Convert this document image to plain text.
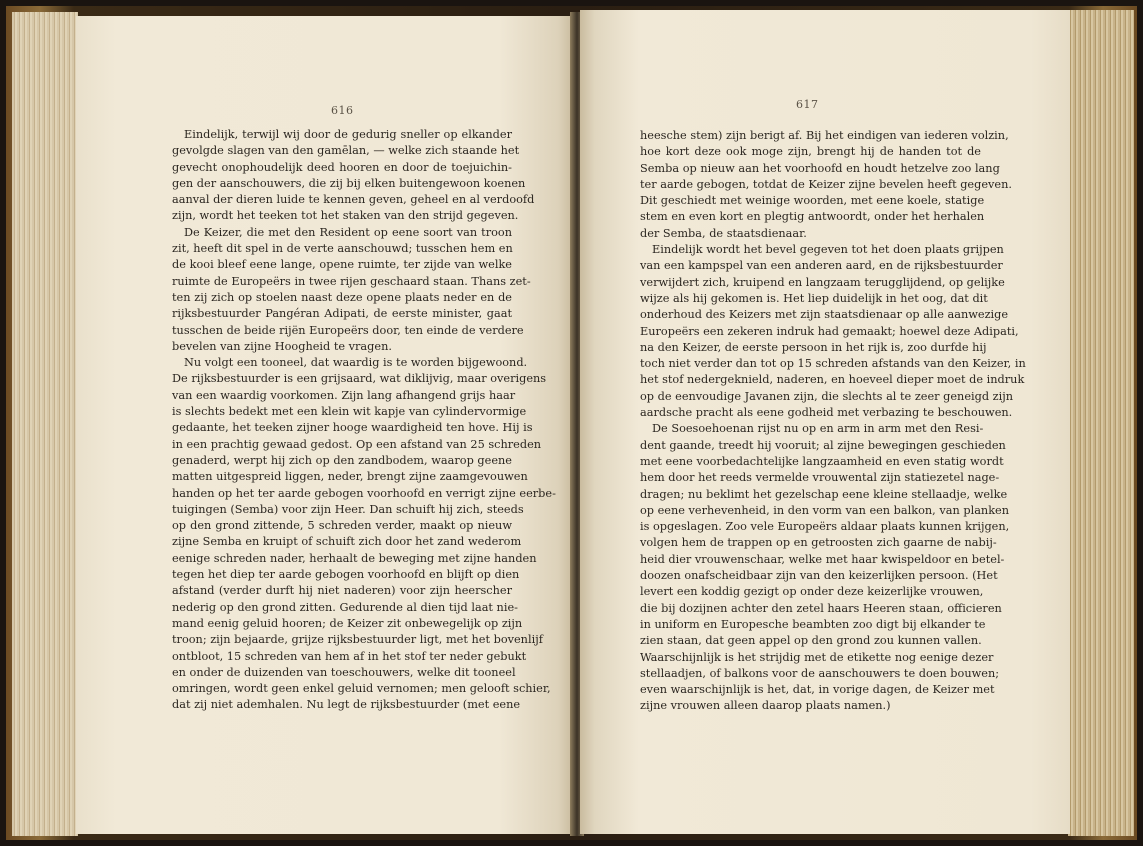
616
Eindelijk, terwijl wij door de gedurig sneller op elkander
gevolgde slagen van den gamēlan, — welke zich staande het
gevecht onophoudelijk deed hooren en door de toejuichin-
gen der aanschouwers, die zij bij elken buitengewoon koenen
aanval der dieren luide te kennen geven, geheel en al verdoofd
zijn, wordt het teeken tot het staken van den strijd gegeven.
De Keizer, die met den Resident op eene soort van troon
zit, heeft dit spel in de verte aanschouwd; tusschen hem en
de kooi bleef eene lange, opene ruimte, ter zijde van welke
ruimte de Europeërs in twee rijen geschaard staan. Thans zet-
ten zij zich op stoelen naast deze opene plaats neder en de
rijksbestuurder Pangéran Adipati, de eerste minister, gaat
tusschen de beide rijën Europeërs door, ten einde de verdere
bevelen van zijne Hoogheid te vragen.
Nu volgt een tooneel, dat waardig is te worden bijgewoond.
De rijksbestuurder is een grijsaard, wat diklijvig, maar overigens
van een waardig voorkomen. Zijn lang afhangend grijs haar
is slechts bedekt met een klein wit kapje van cylindervormige
gedaante, het teeken zijner hooge waardigheid ten hove. Hij is
in een prachtig gewaad gedost. Op een afstand van 25 schreden
genaderd, werpt hij zich op den zandbodem, waarop geene
matten uitgespreid liggen, neder, brengt zijne zaamgevouwen
handen op het ter aarde gebogen voorhoofd en verrigt zijne eerbe-
tuigingen (Semba) voor zijn Heer. Dan schuift hij zich, steeds
op den grond zittende, 5 schreden verder, maakt op nieuw
zijne Semba en kruipt of schuift zich door het zand wederom
eenige schreden nader, herhaalt de beweging met zijne handen
tegen het diep ter aarde gebogen voorhoofd en blijft op dien
afstand (verder durft hij niet naderen) voor zijn heerscher
nederig op den grond zitten. Gedurende al dien tijd laat nie-
mand eenig geluid hooren; de Keizer zit onbewegelijk op zijn
troon; zijn bejaarde, grijze rijksbestuurder ligt, met het bovenlijf
ontbloot, 15 schreden van hem af in het stof ter neder gebukt
en onder de duizenden van toeschouwers, welke dit tooneel
omringen, wordt geen enkel geluid vernomen; men gelooft schier,
dat zij niet ademhalen. Nu legt de rijksbestuurder (met eene
617
heesche stem) zijn berigt af. Bij het eindigen van iederen volzin,
hoe kort deze ook moge zijn, brengt hij de handen tot de
Semba op nieuw aan het voorhoofd en houdt hetzelve zoo lang
ter aarde gebogen, totdat de Keizer zijne bevelen heeft gegeven.
Dit geschiedt met weinige woorden, met eene koele, statige
stem en even kort en plegtig antwoordt, onder het herhalen
der Semba, de staatsdienaar.
Eindelijk wordt het bevel gegeven tot het doen plaats grijpen
van een kampspel van een anderen aard, en de rijksbestuurder
verwijdert zich, kruipend en langzaam terugglijdend, op gelijke
wijze als hij gekomen is. Het liep duidelijk in het oog, dat dit
onderhoud des Keizers met zijn staatsdienaar op alle aanwezige
Europeërs een zekeren indruk had gemaakt; hoewel deze Adipati,
na den Keizer, de eerste persoon in het rijk is, zoo durfde hij
toch niet verder dan tot op 15 schreden afstands van den Keizer, in
het stof nedergeknield, naderen, en hoeveel dieper moet de indruk
op de eenvoudige Javanen zijn, die slechts al te zeer geneigd zijn
aardsche pracht als eene godheid met verbazing te beschouwen.
De Soesoehoenan rijst nu op en arm in arm met den Resi-
dent gaande, treedt hij vooruit; al zijne bewegingen geschieden
met eene voorbedachtelijke langzaamheid en even statig wordt
hem door het reeds vermelde vrouwental zijn statiezetel nage-
dragen; nu beklimt het gezelschap eene kleine stellaadje, welke
op eene verhevenheid, in den vorm van een balkon, van planken
is opgeslagen. Zoo vele Europeërs aldaar plaats kunnen krijgen,
volgen hem de trappen op en getroosten zich gaarne de nabij-
heid dier vrouwenschaar, welke met haar kwispeldoor en betel-
doozen onafscheidbaar zijn van den keizerlijken persoon. (Het
levert een koddig gezigt op onder deze keizerlijke vrouwen,
die bij dozijnen achter den zetel haars Heeren staan, officieren
in uniform en Europesche beambten zoo digt bij elkander te
zien staan, dat geen appel op den grond zou kunnen vallen.
Waarschijnlijk is het strijdig met de etikette nog eenige dezer
stellaadjen, of balkons voor de aanschouwers te doen bouwen;
even waarschijnlijk is het, dat, in vorige dagen, de Keizer met
zijne vrouwen alleen daarop plaats namen.)
